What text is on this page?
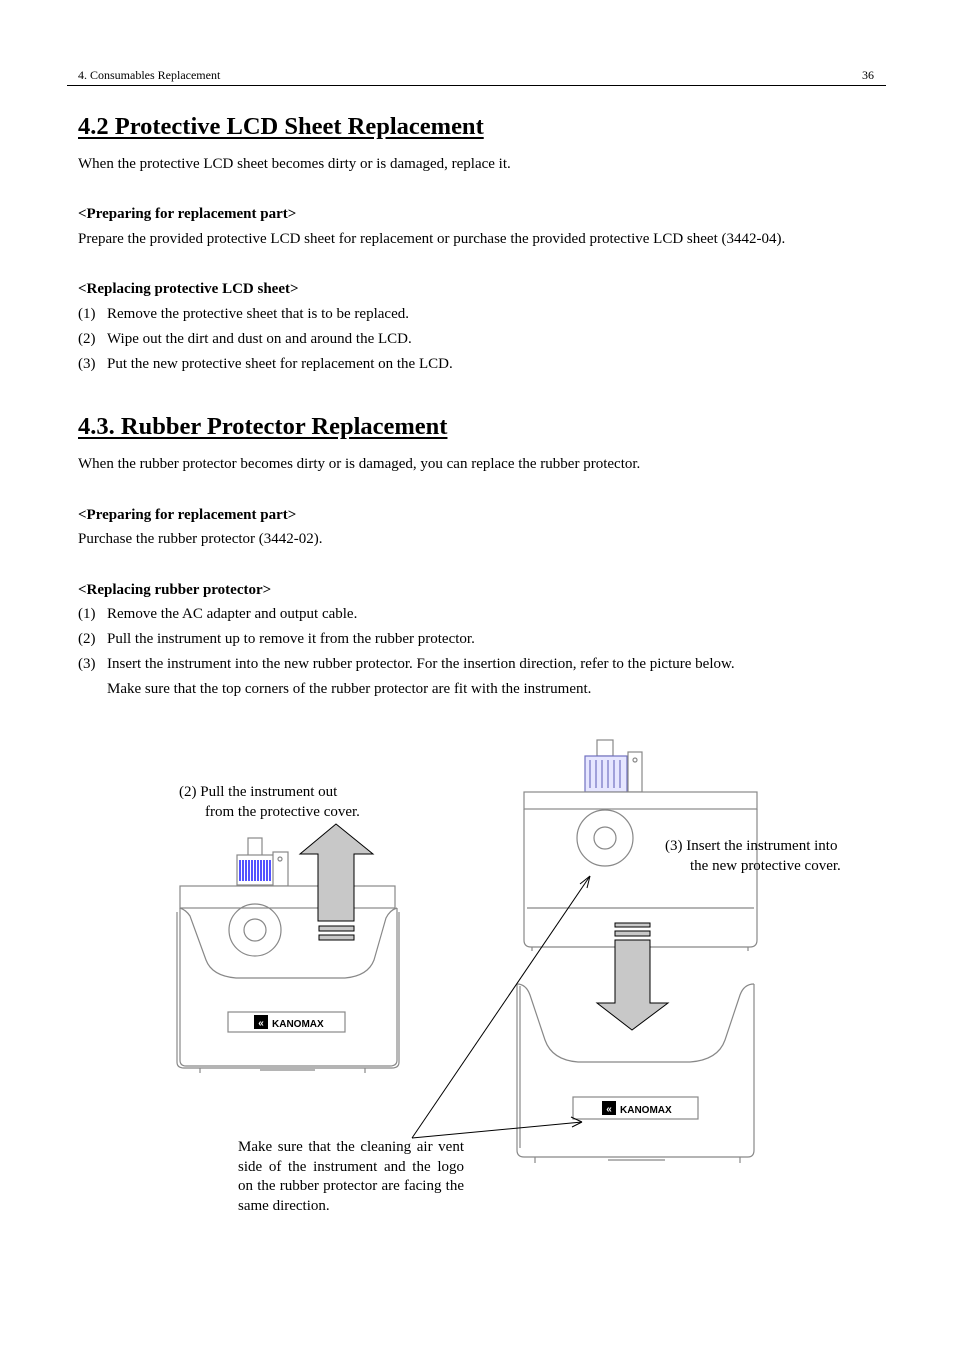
4. Consumables Replacement	36
4.2 Protective LCD Sheet Replacement
When the protective LCD sheet becomes dirty or is damaged, replace it.
<Preparing for replacement part>
Prepare the provided protective LCD sheet for replacement or purchase the provided protective LCD sheet (3442-04).
<Replacing protective LCD sheet>
(1) Remove the protective sheet that is to be replaced.
(2) Wipe out the dirt and dust on and around the LCD.
(3) Put the new protective sheet for replacement on the LCD.
4.3. Rubber Protector Replacement
When the rubber protector becomes dirty or is damaged, you can replace the rubber protector.
<Preparing for replacement part>
Purchase the rubber protector (3442-02).
<Replacing rubber protector>
(1) Remove the AC adapter and output cable.
(2) Pull the instrument up to remove it from the rubber protector.
(3) Insert the instrument into the new rubber protector. For the insertion direction, refer to the picture below.
Make sure that the top corners of the rubber protector are fit with the instrument.
« KANOMAX
« KANOMAX
(2) Pull the instrument out
from the protective cover.
(3) Insert the instrument into
the new protective cover.
Make sure that the cleaning air vent side of the instrument and the logo on the rubber protector are facing the same direction.
